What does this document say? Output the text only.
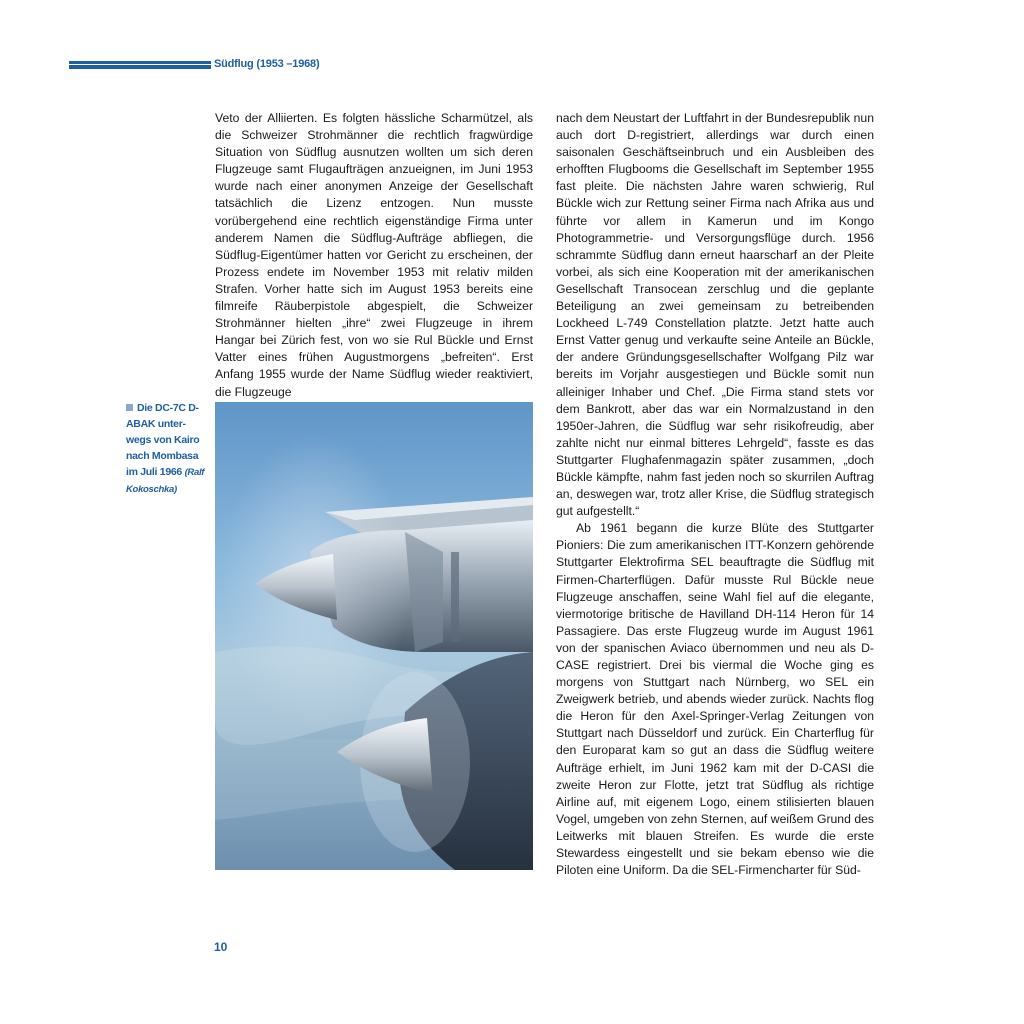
Südflug (1953 –1968)

Veto der Alliierten. Es folgten hässliche Scharmützel, als die Schweizer Strohmänner die rechtlich fragwürdige Situation von Südflug ausnutzen wollten um sich deren Flugzeuge samt Flugaufträgen anzueignen, im Juni 1953 wurde nach einer anonymen Anzeige der Gesellschaft tatsächlich die Lizenz entzogen. Nun musste vorübergehend eine rechtlich eigenständige Firma unter anderem Namen die Südflug-Aufträge abfliegen, die Südflug-Eigentümer hatten vor Gericht zu erscheinen, der Prozess endete im November 1953 mit relativ milden Strafen. Vorher hatte sich im August 1953 bereits eine filmreife Räuberpistole abgespielt, die Schweizer Strohmänner hielten „ihre“ zwei Flugzeuge in ihrem Hangar bei Zürich fest, von wo sie Rul Bückle und Ernst Vatter eines frühen Augustmorgens „befreiten“. Erst Anfang 1955 wurde der Name Südflug wieder reaktiviert, die Flugzeuge

Die DC-7C D-ABAK unter-wegs von Kairo nach Mombasa im Juli 1966 (Ralf Kokoschka)

nach dem Neustart der Luftfahrt in der Bundesrepublik nun auch dort D-registriert, allerdings war durch einen saisonalen Geschäftseinbruch und ein Ausbleiben des erhofften Flugbooms die Gesellschaft im September 1955 fast pleite. Die nächsten Jahre waren schwierig, Rul Bückle wich zur Rettung seiner Firma nach Afrika aus und führte vor allem in Kamerun und im Kongo Photogrammetrie- und Versorgungsflüge durch. 1956 schrammte Südflug dann erneut haarscharf an der Pleite vorbei, als sich eine Kooperation mit der amerikanischen Gesellschaft Transocean zerschlug und die geplante Beteiligung an zwei gemeinsam zu betreibenden Lockheed L-749 Constellation platzte. Jetzt hatte auch Ernst Vatter genug und verkaufte seine Anteile an Bückle, der andere Gründungsgesellschafter Wolfgang Pilz war bereits im Vorjahr ausgestiegen und Bückle somit nun alleiniger Inhaber und Chef. „Die Firma stand stets vor dem Bankrott, aber das war ein Normalzustand in den 1950er-Jahren, die Südflug war sehr risikofreudig, aber zahlte nicht nur einmal bitteres Lehrgeld“, fasste es das Stuttgarter Flughafenmagazin später zusammen, „doch Bückle kämpfte, nahm fast jeden noch so skurrilen Auftrag an, deswegen war, trotz aller Krise, die Südflug strategisch gut aufgestellt.“

Ab 1961 begann die kurze Blüte des Stuttgarter Pioniers: Die zum amerikanischen ITT-Konzern gehörende Stuttgarter Elektrofirma SEL beauftragte die Südflug mit Firmen-Charterflügen. Dafür musste Rul Bückle neue Flugzeuge anschaffen, seine Wahl fiel auf die elegante, viermotorige britische de Havilland DH-114 Heron für 14 Passagiere. Das erste Flugzeug wurde im August 1961 von der spanischen Aviaco übernommen und neu als D-CASE registriert. Drei bis viermal die Woche ging es morgens von Stuttgart nach Nürnberg, wo SEL ein Zweigwerk betrieb, und abends wieder zurück. Nachts flog die Heron für den Axel-Springer-Verlag Zeitungen von Stuttgart nach Düsseldorf und zurück. Ein Charterflug für den Europarat kam so gut an dass die Südflug weitere Aufträge erhielt, im Juni 1962 kam mit der D-CASI die zweite Heron zur Flotte, jetzt trat Südflug als richtige Airline auf, mit eigenem Logo, einem stilisierten blauen Vogel, umgeben von zehn Sternen, auf weißem Grund des Leitwerks mit blauen Streifen. Es wurde die erste Stewardess eingestellt und sie bekam ebenso wie die Piloten eine Uniform. Da die SEL-Firmencharter für Süd-

10
